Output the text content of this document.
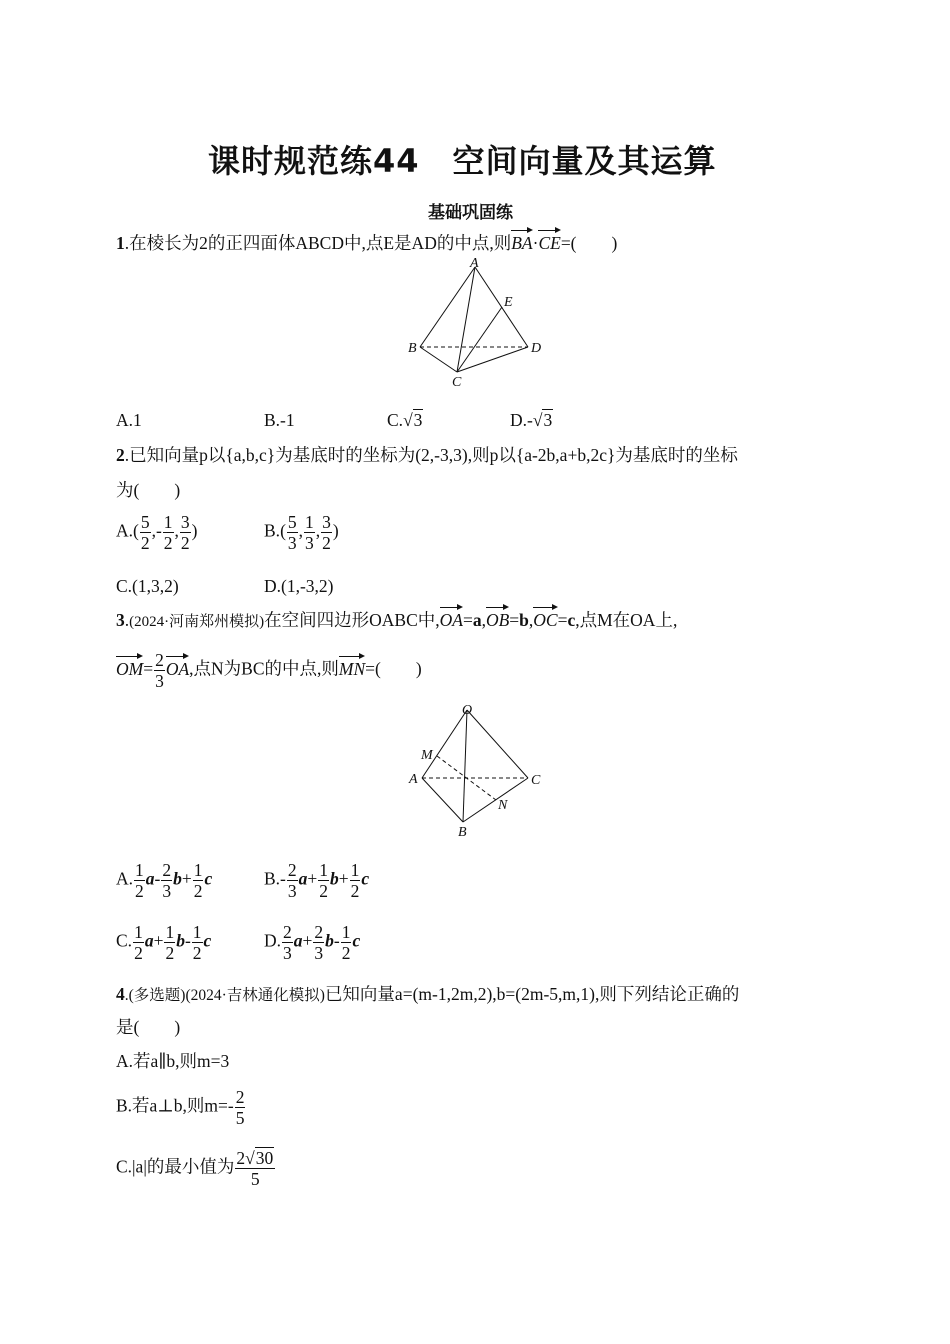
课时规范练44　空间向量及其运算
基础巩固练
1.在棱长为2的正四面体ABCD中,点E是AD的中点,则BA·CE=(　　)
A
E
B	D
C
A.1	B.-1	C.√3	D.-√3
2.已知向量p以{a,b,c}为基底时的坐标为(2,-3,3),则p以{a-2b,a+b,2c}为基底时的坐标
为(　　)
$A.( \frac{5}{2}$ ,- $\frac{1}{2}$ , $\frac{3}{2}$ )	$B.( \frac{5}{3}$ , $\frac{1}{3}$ , $\frac{3}{2}$ )
C.(1,3,2)	D.(1,-3,2)
3.(2024·河南郑州模拟)在空间四边形OABC中,OA=a,OB=b,OC=c,点M在OA上,
$OM= \frac{2}{3}$ OA,点N为BC的中点,则MN=(　　)
O
M
A	C
N
B
A. $\frac{1}{2} a- \frac{2}{3} b+ \frac{1}{2}$ c	$B.- \frac{2}{3} a+ \frac{1}{2} b+ \frac{1}{2}$ c
C. $\frac{1}{2} a+ \frac{1}{2} b- \frac{1}{2}$ c	D. $\frac{2}{3} a+ \frac{2}{3} b- \frac{1}{2}$ c
4.(多选题)(2024·吉林通化模拟)已知向量a=(m-1,2m,2),b=(2m-5,m,1),则下列结论正确的
是(　　)
A.若a∥b,则m=3
B.若a⊥b,则$m=- \frac{2}{5}$
C.|a|的最小值为 $\frac{2√30}{5}$
